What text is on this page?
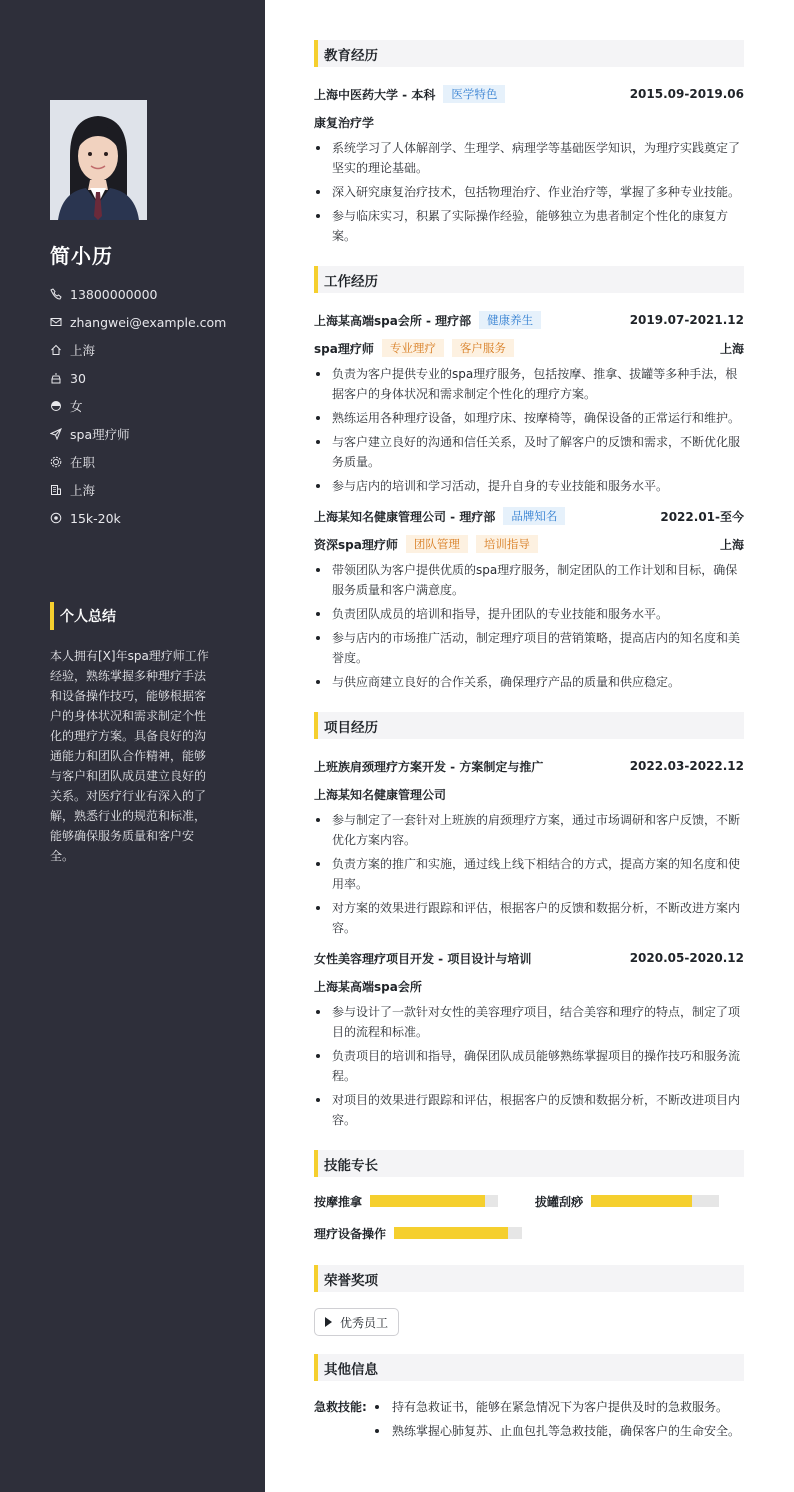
简小历
13800000000
zhangwei@example.com
上海
30
女
spa理疗师
在职
上海
15k-20k
个人总结
本人拥有[X]年spa理疗师工作经验，熟练掌握多种理疗手法和设备操作技巧，能够根据客户的身体状况和需求制定个性化的理疗方案。具备良好的沟通能力和团队合作精神，能够与客户和团队成员建立良好的关系。对医疗行业有深入的了解，熟悉行业的规范和标准，能够确保服务质量和客户安全。
教育经历
上海中医药大学 - 本科	医学特色	2015.09-2019.06
康复治疗学
系统学习了人体解剖学、生理学、病理学等基础医学知识，为理疗实践奠定了坚实的理论基础。
深入研究康复治疗技术，包括物理治疗、作业治疗等，掌握了多种专业技能。
参与临床实习，积累了实际操作经验，能够独立为患者制定个性化的康复方案。
工作经历
上海某高端spa会所 - 理疗部	健康养生	2019.07-2021.12
spa理疗师	专业理疗	客户服务	上海
负责为客户提供专业的spa理疗服务，包括按摩、推拿、拔罐等多种手法，根据客户的身体状况和需求制定个性化的理疗方案。
熟练运用各种理疗设备，如理疗床、按摩椅等，确保设备的正常运行和维护。
与客户建立良好的沟通和信任关系，及时了解客户的反馈和需求，不断优化服务质量。
参与店内的培训和学习活动，提升自身的专业技能和服务水平。
上海某知名健康管理公司 - 理疗部	品牌知名	2022.01-至今
资深spa理疗师	团队管理	培训指导	上海
带领团队为客户提供优质的spa理疗服务，制定团队的工作计划和目标，确保服务质量和客户满意度。
负责团队成员的培训和指导，提升团队的专业技能和服务水平。
参与店内的市场推广活动，制定理疗项目的营销策略，提高店内的知名度和美誉度。
与供应商建立良好的合作关系，确保理疗产品的质量和供应稳定。
项目经历
上班族肩颈理疗方案开发 - 方案制定与推广	2022.03-2022.12
上海某知名健康管理公司
参与制定了一套针对上班族的肩颈理疗方案，通过市场调研和客户反馈，不断优化方案内容。
负责方案的推广和实施，通过线上线下相结合的方式，提高方案的知名度和使用率。
对方案的效果进行跟踪和评估，根据客户的反馈和数据分析，不断改进方案内容。
女性美容理疗项目开发 - 项目设计与培训	2020.05-2020.12
上海某高端spa会所
参与设计了一款针对女性的美容理疗项目，结合美容和理疗的特点，制定了项目的流程和标准。
负责项目的培训和指导，确保团队成员能够熟练掌握项目的操作技巧和服务流程。
对项目的效果进行跟踪和评估，根据客户的反馈和数据分析，不断改进项目内容。
技能专长
按摩推拿	拔罐刮痧
理疗设备操作
荣誉奖项
优秀员工
其他信息
急救技能:	持有急救证书，能够在紧急情况下为客户提供及时的急救服务。
熟练掌握心肺复苏、止血包扎等急救技能，确保客户的生命安全。
